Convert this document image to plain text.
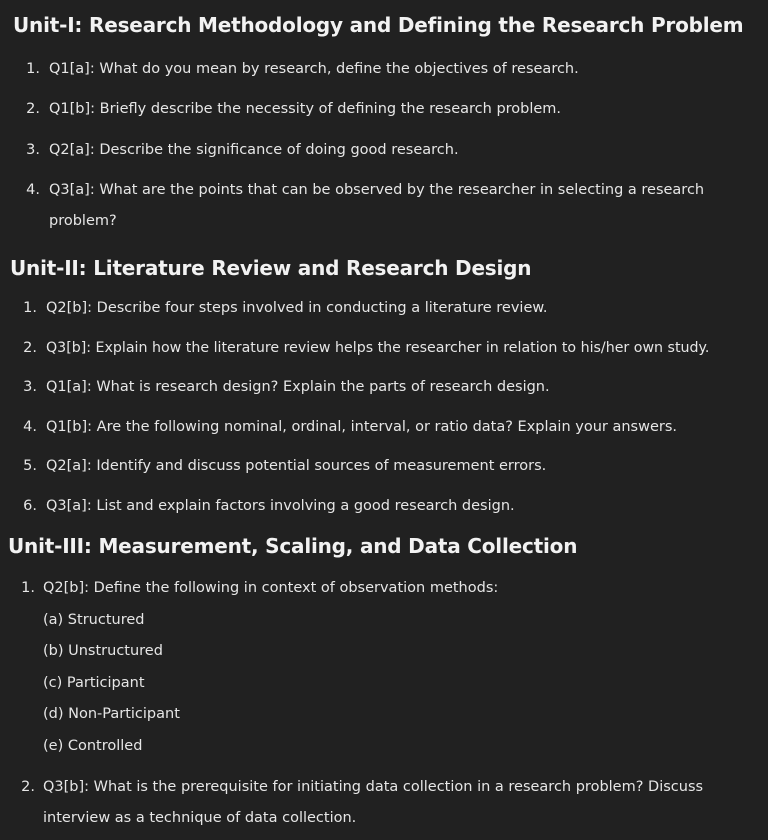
Unit-I: Research Methodology and Defining the Research Problem
1. Q1[a]: What do you mean by research, define the objectives of research.
2. Q1[b]: Briefly describe the necessity of defining the research problem.
3. Q2[a]: Describe the significance of doing good research.
4. Q3[a]: What are the points that can be observed by the researcher in selecting a research
problem?
Unit-II: Literature Review and Research Design
1. Q2[b]: Describe four steps involved in conducting a literature review.
2. Q3[b]: Explain how the literature review helps the researcher in relation to his/her own study.
3. Q1[a]: What is research design? Explain the parts of research design.
4. Q1[b]: Are the following nominal, ordinal, interval, or ratio data? Explain your answers.
5. Q2[a]: Identify and discuss potential sources of measurement errors.
6. Q3[a]: List and explain factors involving a good research design.
Unit-III: Measurement, Scaling, and Data Collection
1. Q2[b]: Define the following in context of observation methods:
(a) Structured
(b) Unstructured
(c) Participant
(d) Non-Participant
(e) Controlled
2. Q3[b]: What is the prerequisite for initiating data collection in a research problem? Discuss
interview as a technique of data collection.
